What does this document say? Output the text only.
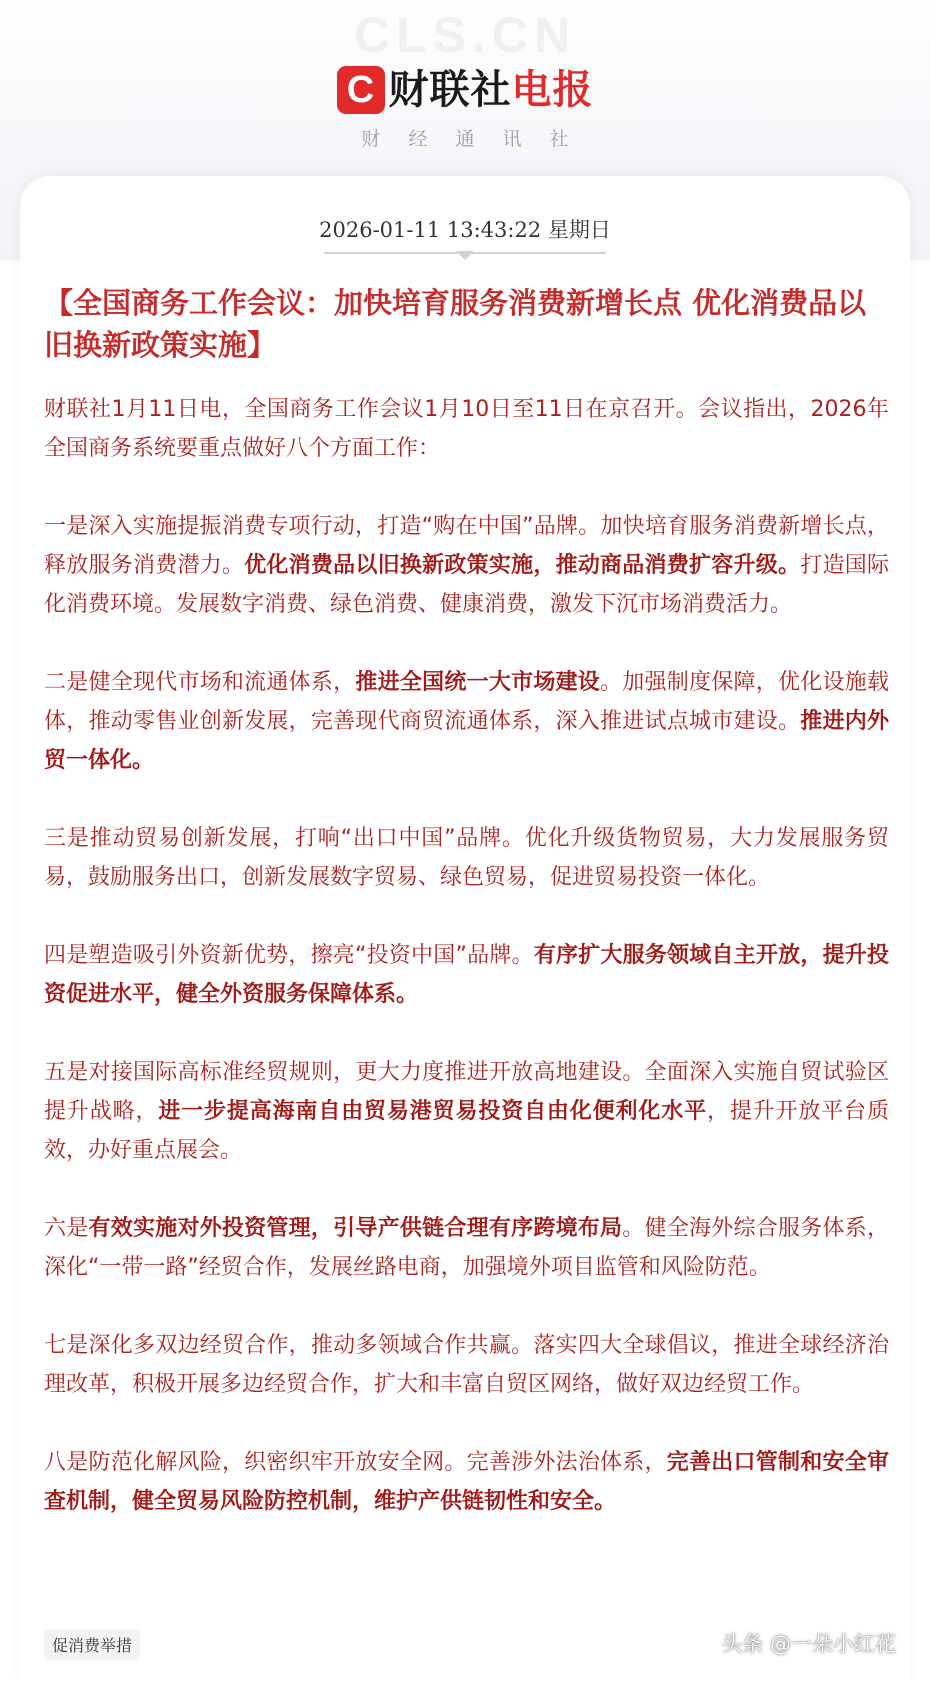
CLS.CN
C 财联社 电报
财经通讯社
2026-01-11 13:43:22 星期日
【全国商务工作会议：加快培育服务消费新增长点 优化消费品以旧换新政策实施】

财联社1月11日电，全国商务工作会议1月10日至11日在京召开。会议指出，2026年全国商务系统要重点做好八个方面工作：

一是深入实施提振消费专项行动，打造“购在中国”品牌。加快培育服务消费新增长点，释放服务消费潜力。优化消费品以旧换新政策实施，推动商品消费扩容升级。打造国际化消费环境。发展数字消费、绿色消费、健康消费，激发下沉市场消费活力。

二是健全现代市场和流通体系，推进全国统一大市场建设。加强制度保障，优化设施载体，推动零售业创新发展，完善现代商贸流通体系，深入推进试点城市建设。推进内外贸一体化。

三是推动贸易创新发展，打响“出口中国”品牌。优化升级货物贸易，大力发展服务贸易，鼓励服务出口，创新发展数字贸易、绿色贸易，促进贸易投资一体化。

四是塑造吸引外资新优势，擦亮“投资中国”品牌。有序扩大服务领域自主开放，提升投资促进水平，健全外资服务保障体系。

五是对接国际高标准经贸规则，更大力度推进开放高地建设。全面深入实施自贸试验区提升战略，进一步提高海南自由贸易港贸易投资自由化便利化水平，提升开放平台质效，办好重点展会。

六是有效实施对外投资管理，引导产供链合理有序跨境布局。健全海外综合服务体系，深化“一带一路”经贸合作，发展丝路电商，加强境外项目监管和风险防范。

七是深化多双边经贸合作，推动多领域合作共赢。落实四大全球倡议，推进全球经济治理改革，积极开展多边经贸合作，扩大和丰富自贸区网络，做好双边经贸工作。

八是防范化解风险，织密织牢开放安全网。完善涉外法治体系，完善出口管制和安全审查机制，健全贸易风险防控机制，维护产供链韧性和安全。

促消费举措	头条 @一朵小红花
